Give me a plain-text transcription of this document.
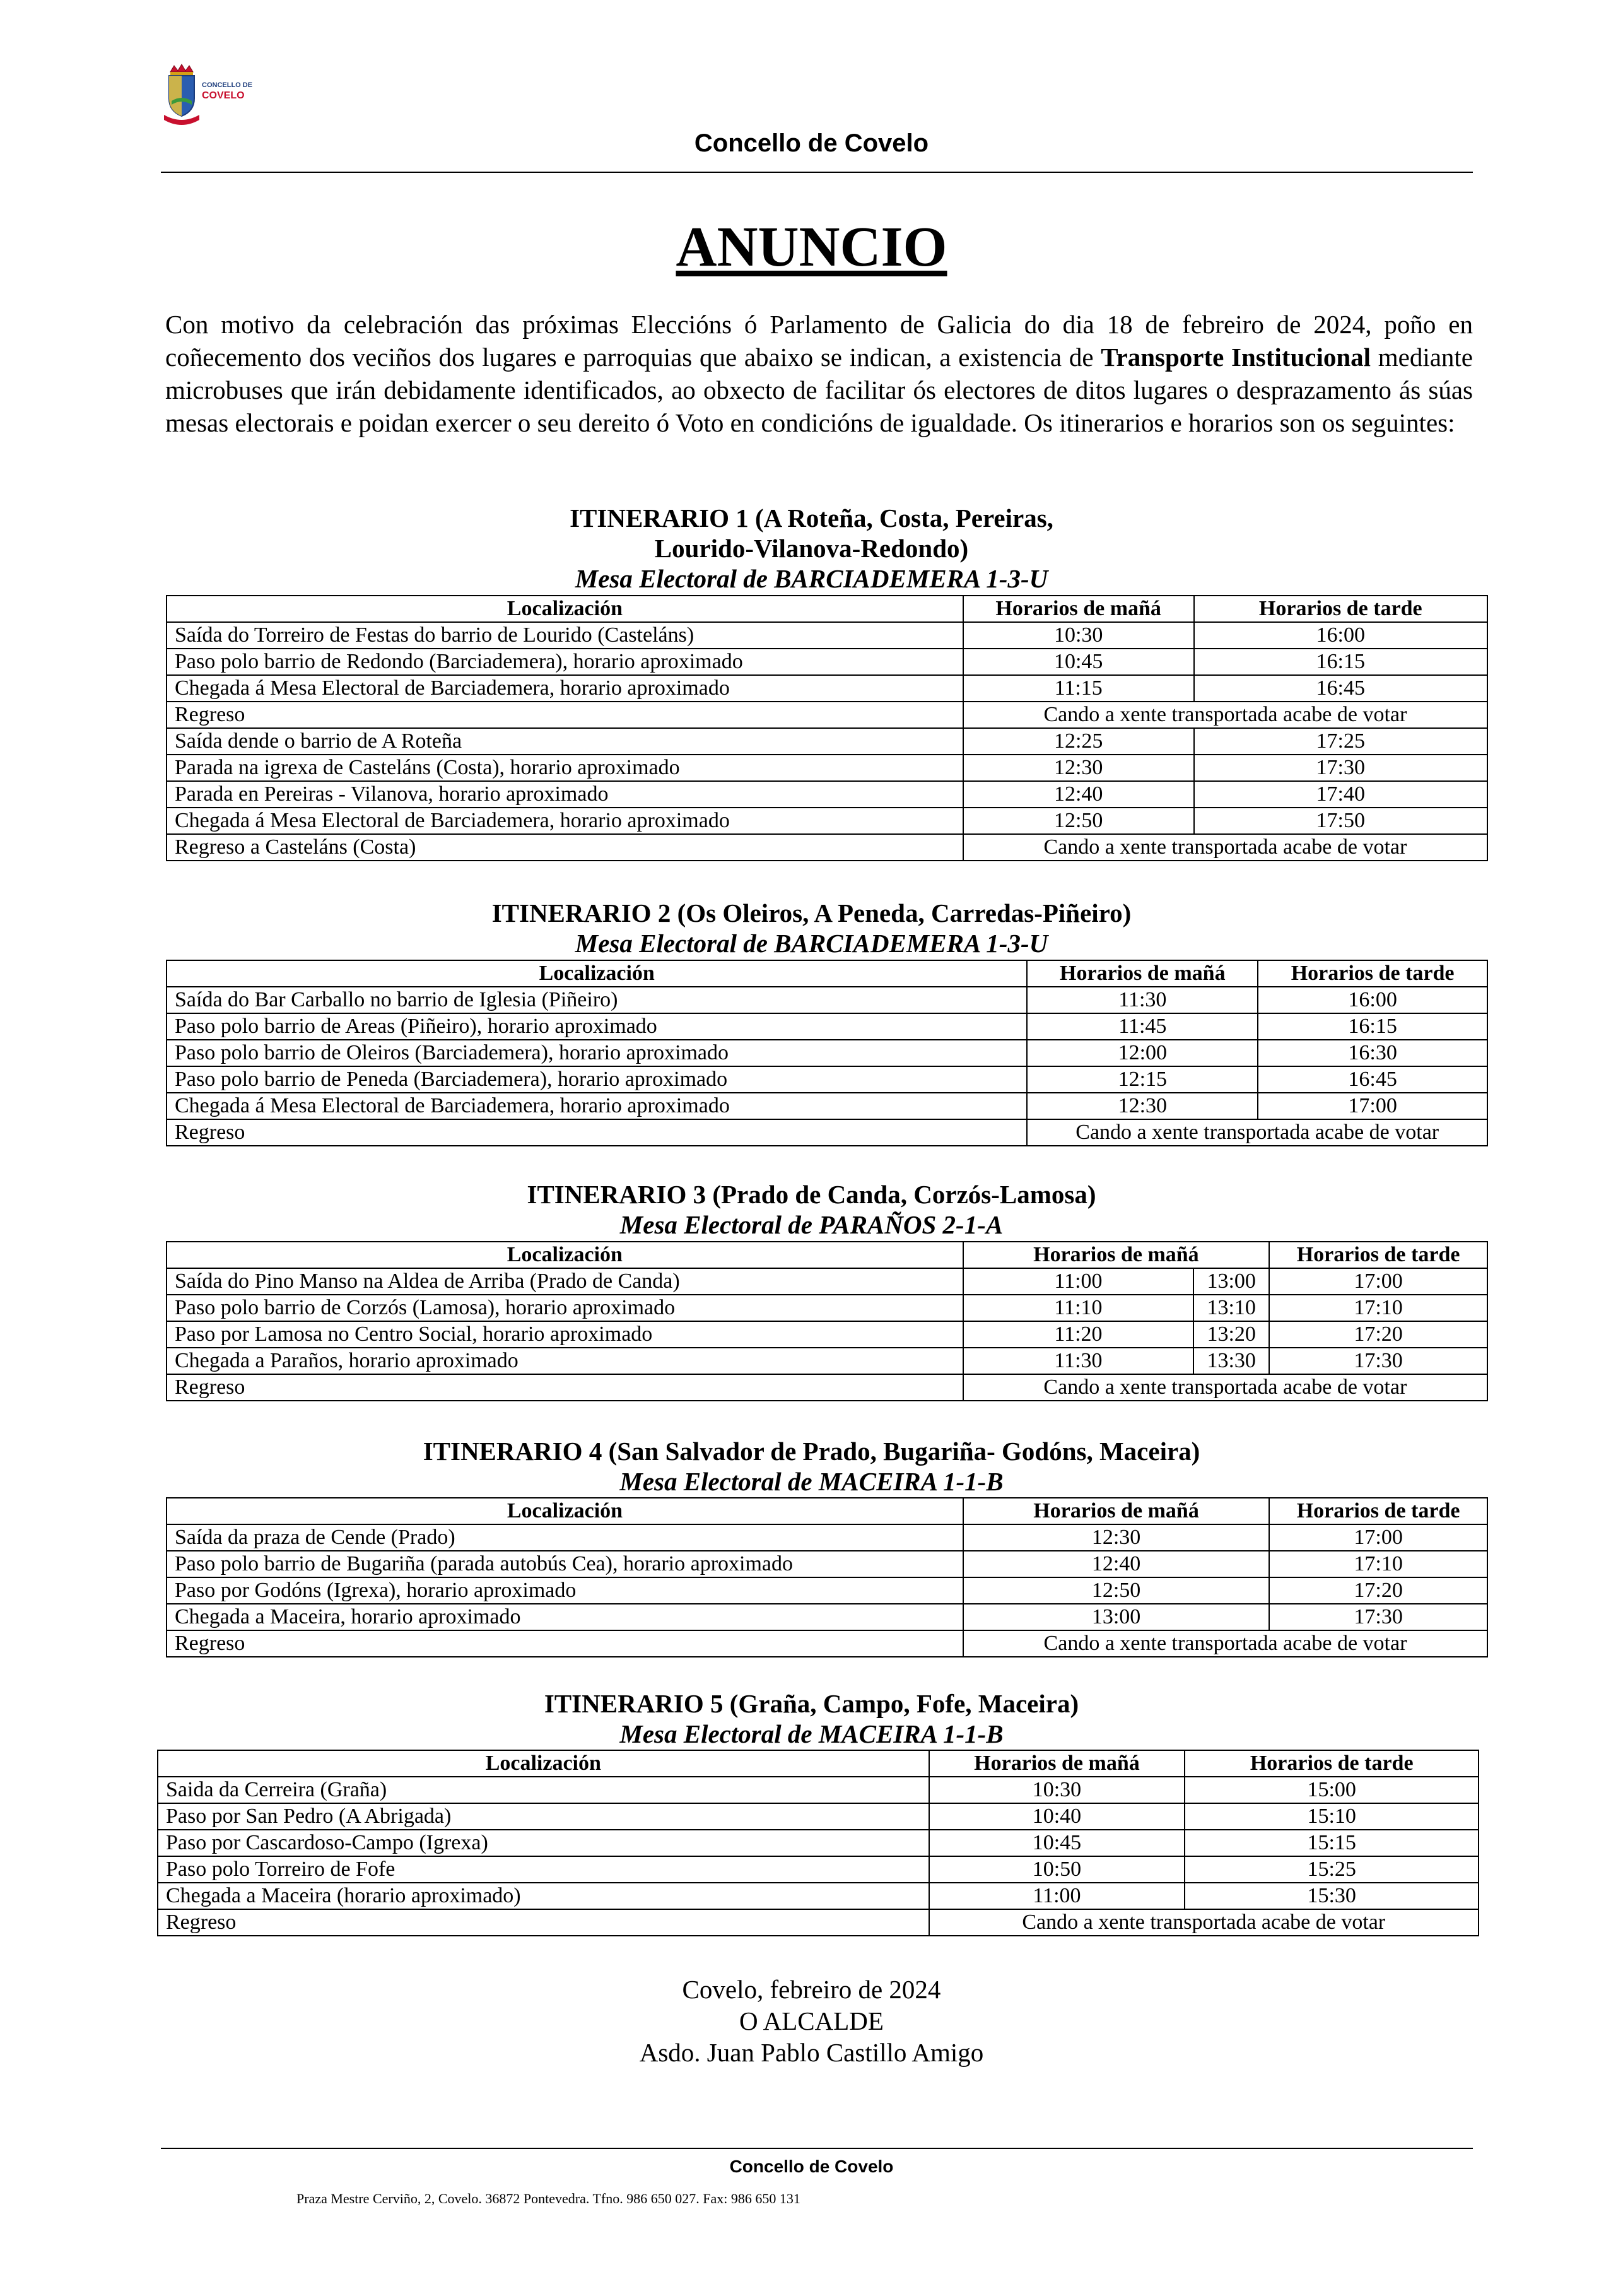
CONCELLO DE
COVELO
Concello de Covelo
ANUNCIO
Con motivo da celebración das próximas Eleccións ó Parlamento de Galicia do dia 18 de febreiro de 2024, poño en coñecemento dos veciños dos lugares e parroquias que abaixo se indican, a existencia de Transporte Institucional mediante microbuses que irán debidamente identificados, ao obxecto de facilitar ós electores de ditos lugares o desprazamento ás súas mesas electorais e poidan exercer o seu dereito ó Voto en condicións de igualdade. Os itinerarios e horarios son os seguintes:
ITINERARIO 1 (A Roteña, Costa, Pereiras,
Lourido-Vilanova-Redondo)
Mesa Electoral de BARCIADEMERA 1-3-U
Localización	Horarios de mañá	Horarios de tarde
Saída do Torreiro de Festas do barrio de Lourido (Casteláns)	10:30	16:00
Paso polo barrio de Redondo (Barciademera), horario aproximado	10:45	16:15
Chegada á Mesa Electoral de Barciademera, horario aproximado	11:15	16:45
Regreso	Cando a xente transportada acabe de votar	
Saída dende o barrio de A Roteña	12:25	17:25
Parada na igrexa de Casteláns (Costa), horario aproximado	12:30	17:30
Parada en Pereiras - Vilanova, horario aproximado	12:40	17:40
Chegada á Mesa Electoral de Barciademera, horario aproximado	12:50	17:50
Regreso a Casteláns (Costa)	Cando a xente transportada acabe de votar	
ITINERARIO 2 (Os Oleiros, A Peneda, Carredas-Piñeiro)
Mesa Electoral de BARCIADEMERA 1-3-U
Localización	Horarios de mañá	Horarios de tarde
Saída do Bar Carballo no barrio de Iglesia (Piñeiro)	11:30	16:00
Paso polo barrio de Areas (Piñeiro), horario aproximado	11:45	16:15
Paso polo barrio de Oleiros (Barciademera), horario aproximado	12:00	16:30
Paso polo barrio de Peneda (Barciademera), horario aproximado	12:15	16:45
Chegada á Mesa Electoral de Barciademera, horario aproximado	12:30	17:00
Regreso	Cando a xente transportada acabe de votar	
ITINERARIO 3 (Prado de Canda, Corzós-Lamosa)
Mesa Electoral de PARAÑOS 2-1-A
Localización	Horarios de mañá		Horarios de tarde
Saída do Pino Manso na Aldea de Arriba (Prado de Canda)	11:00	13:00	17:00
Paso polo barrio de Corzós (Lamosa), horario aproximado	11:10	13:10	17:10
Paso por Lamosa no Centro Social, horario aproximado	11:20	13:20	17:20
Chegada a Paraños, horario aproximado	11:30	13:30	17:30
Regreso	Cando a xente transportada acabe de votar		
ITINERARIO 4 (San Salvador de Prado, Bugariña- Godóns, Maceira)
Mesa Electoral de MACEIRA 1-1-B
Localización	Horarios de mañá	Horarios de tarde
Saída da praza de Cende (Prado)	12:30	17:00
Paso polo barrio de Bugariña (parada autobús Cea), horario aproximado	12:40	17:10
Paso por Godóns (Igrexa), horario aproximado	12:50	17:20
Chegada a Maceira, horario aproximado	13:00	17:30
Regreso	Cando a xente transportada acabe de votar	
ITINERARIO 5 (Graña, Campo, Fofe, Maceira)
Mesa Electoral de MACEIRA 1-1-B
Localización	Horarios de mañá	Horarios de tarde
Saida da Cerreira (Graña)	10:30	15:00
Paso por San Pedro (A Abrigada)	10:40	15:10
Paso por Cascardoso-Campo (Igrexa)	10:45	15:15
Paso polo Torreiro de Fofe	10:50	15:25
Chegada a Maceira (horario aproximado)	11:00	15:30
Regreso	Cando a xente transportada acabe de votar	
Covelo, febreiro de 2024
O ALCALDE
Asdo. Juan Pablo Castillo Amigo
Concello de Covelo
Praza Mestre Cerviño, 2, Covelo. 36872 Pontevedra. Tfno. 986 650 027. Fax: 986 650 131
